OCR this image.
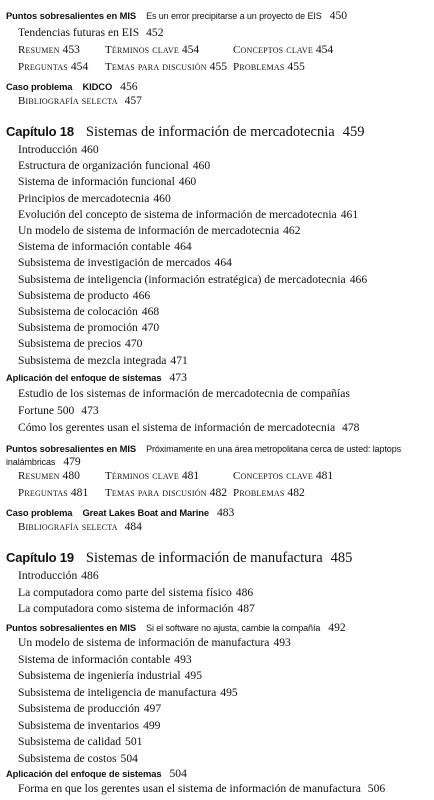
Puntos sobresalientes en MIS Es un error precipitarse a un proyecto de EIS 450
Tendencias futuras en EIS 452
Resumen 453 Términos clave 454	Conceptos clave 454
Preguntas 454 Temas para discusión 455 Problemas 455
Caso problema KIDCO 456
Bibliografía selecta 457
Capítulo 18 Sistemas de información de mercadotecnia 459
Introducción 460
Estructura de organización funcional 460
Sistema de información funcional 460
Principios de mercadotecnia 460
Evolución del concepto de sistema de información de mercadotecnia 461
Un modelo de sistema de información de mercadotecnia 462
Sistema de información contable 464
Subsistema de investigación de mercados 464
Subsistema de inteligencia (información estratégica) de mercadotecnia 466
Subsistema de producto 466
Subsistema de colocación 468
Subsistema de promoción 470
Subsistema de precios 470
Subsistema de mezcla integrada 471
Aplicación del enfoque de sistemas 473
Estudio de los sistemas de información de mercadotecnia de compañías
Fortune 500 473
Cómo los gerentes usan el sistema de información de mercadotecnia 478
Puntos sobresalientes en MIS Próximamente en una área metropolitana cerca de usted: laptops
inalámbricas 479
Resumen 480 Términos clave 481	Conceptos clave 481
Preguntas 481 Temas para discusión 482 Problemas 482
Caso problema Great Lakes Boat and Marine 483
Bibliografía selecta 484
Capítulo 19 Sistemas de información de manufactura 485
Introducción 486
La computadora como parte del sistema físico 486
La computadora como sistema de información 487
Puntos sobresalientes en MIS Si el software no ajusta, cambie la compañía 492
Un modelo de sistema de información de manufactura 493
Sistema de información contable 493
Subsistema de ingeniería industrial 495
Subsistema de inteligencia de manufactura 495
Subsistema de producción 497
Subsistema de inventarios 499
Subsistema de calidad 501
Subsistema de costos 504
Aplicación del enfoque de sistemas 504
Forma en que los gerentes usan el sistema de información de manufactura 506
